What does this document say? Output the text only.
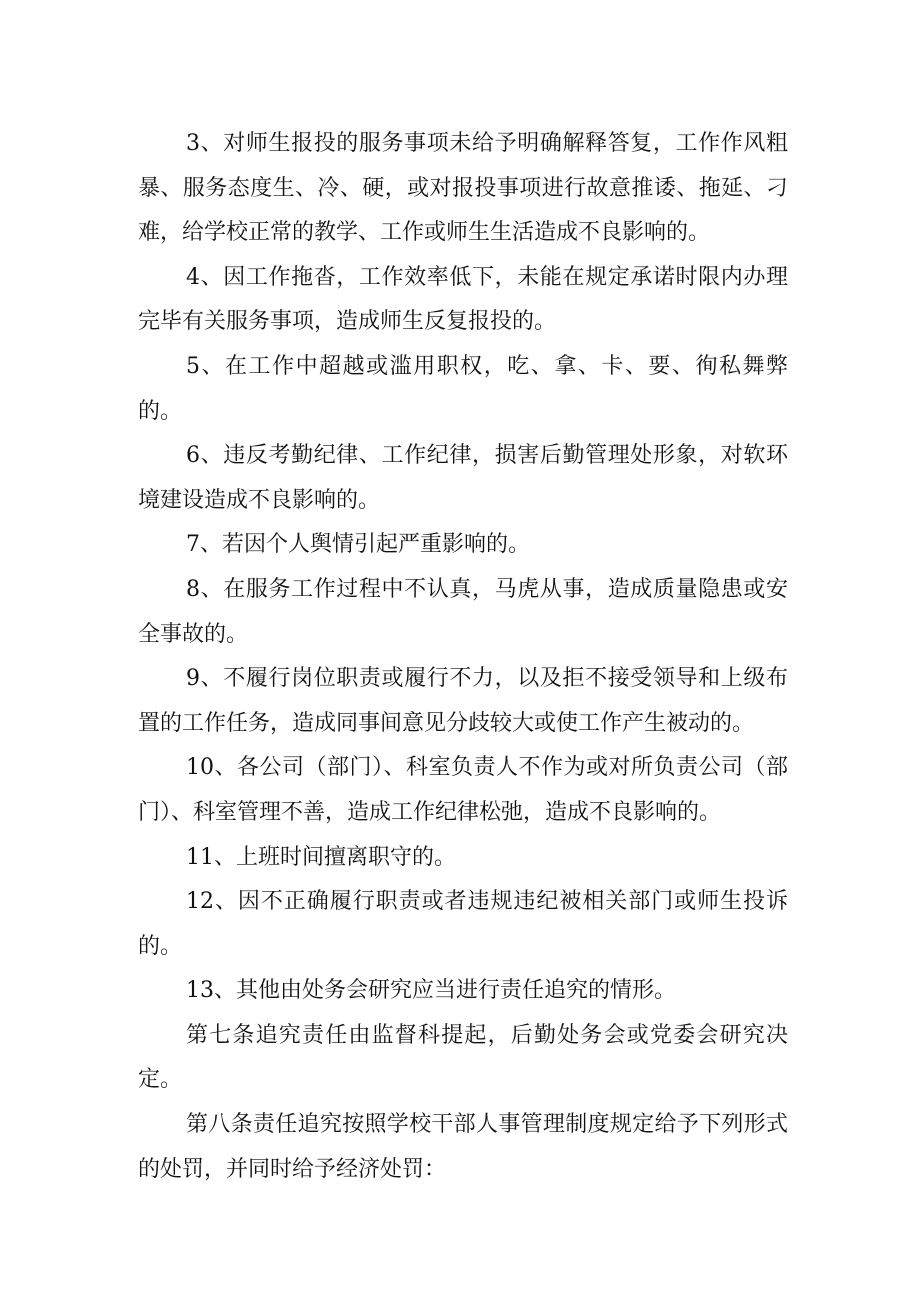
3、对师生报投的服务事项未给予明确解释答复，工作作风粗暴、服务态度生、冷、硬，或对报投事项进行故意推诿、拖延、刁难，给学校正常的教学、工作或师生生活造成不良影响的。

4、因工作拖沓，工作效率低下，未能在规定承诺时限内办理完毕有关服务事项，造成师生反复报投的。

5、在工作中超越或滥用职权，吃、拿、卡、要、徇私舞弊的。

6、违反考勤纪律、工作纪律，损害后勤管理处形象，对软环境建设造成不良影响的。

7、若因个人舆情引起严重影响的。

8、在服务工作过程中不认真，马虎从事，造成质量隐患或安全事故的。

9、不履行岗位职责或履行不力，以及拒不接受领导和上级布置的工作任务，造成同事间意见分歧较大或使工作产生被动的。

10、各公司（部门）、科室负责人不作为或对所负责公司（部门）、科室管理不善，造成工作纪律松弛，造成不良影响的。

11、上班时间擅离职守的。

12、因不正确履行职责或者违规违纪被相关部门或师生投诉的。

13、其他由处务会研究应当进行责任追究的情形。

第七条追究责任由监督科提起，后勤处务会或党委会研究决定。

第八条责任追究按照学校干部人事管理制度规定给予下列形式的处罚，并同时给予经济处罚：
